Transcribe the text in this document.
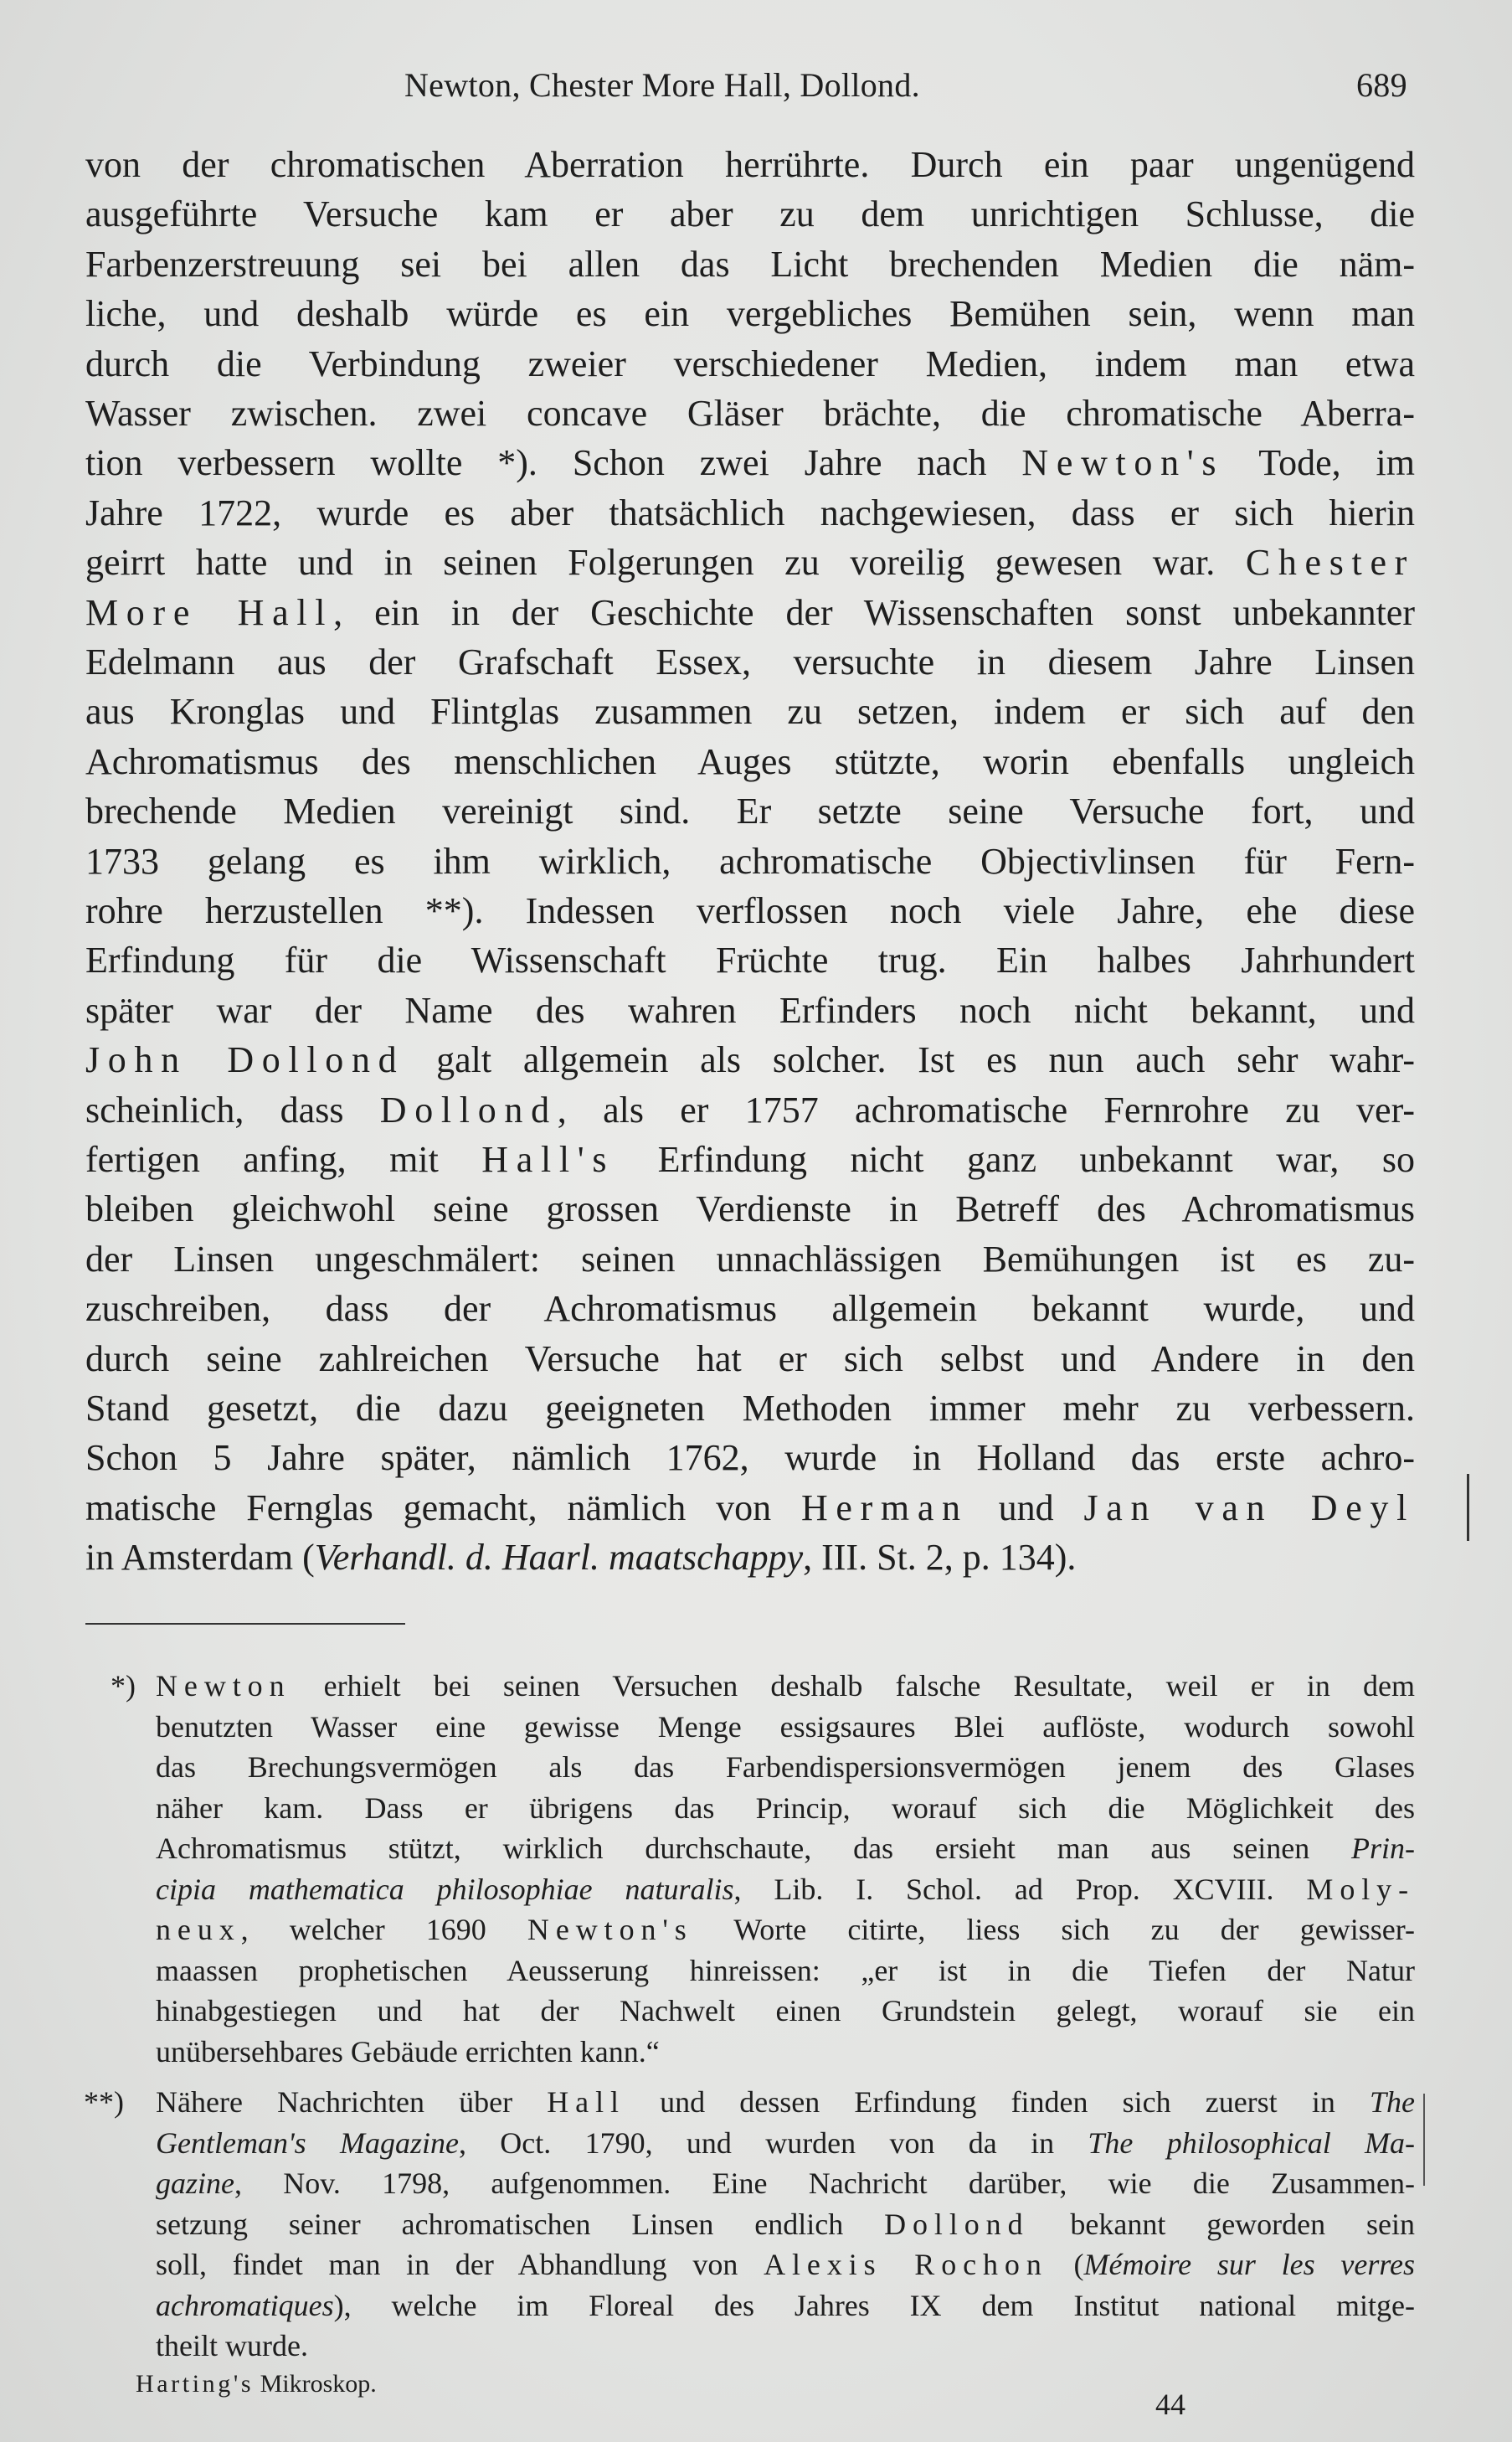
Newton, Chester More Hall, Dollond.	689
von der chromatischen Aberration herrührte. Durch ein paar ungenügend
ausgeführte Versuche kam er aber zu dem unrichtigen Schlusse, die
Farbenzerstreuung sei bei allen das Licht brechenden Medien die näm-
liche, und deshalb würde es ein vergebliches Bemühen sein, wenn man
durch die Verbindung zweier verschiedener Medien, indem man etwa
Wasser zwischen. zwei concave Gläser brächte, die chromatische Aberra-
tion verbessern wollte *). Schon zwei Jahre nach Newton's Tode, im
Jahre 1722, wurde es aber thatsächlich nachgewiesen, dass er sich hierin
geirrt hatte und in seinen Folgerungen zu voreilig gewesen war. Chester
More Hall, ein in der Geschichte der Wissenschaften sonst unbekannter
Edelmann aus der Grafschaft Essex, versuchte in diesem Jahre Linsen
aus Kronglas und Flintglas zusammen zu setzen, indem er sich auf den
Achromatismus des menschlichen Auges stützte, worin ebenfalls ungleich
brechende Medien vereinigt sind. Er setzte seine Versuche fort, und
1733 gelang es ihm wirklich, achromatische Objectivlinsen für Fern-
rohre herzustellen **). Indessen verflossen noch viele Jahre, ehe diese
Erfindung für die Wissenschaft Früchte trug. Ein halbes Jahrhundert
später war der Name des wahren Erfinders noch nicht bekannt, und
John Dollond galt allgemein als solcher. Ist es nun auch sehr wahr-
scheinlich, dass Dollond, als er 1757 achromatische Fernrohre zu ver-
fertigen anfing, mit Hall's Erfindung nicht ganz unbekannt war, so
bleiben gleichwohl seine grossen Verdienste in Betreff des Achromatismus
der Linsen ungeschmälert: seinen unnachlässigen Bemühungen ist es zu-
zuschreiben, dass der Achromatismus allgemein bekannt wurde, und
durch seine zahlreichen Versuche hat er sich selbst und Andere in den
Stand gesetzt, die dazu geeigneten Methoden immer mehr zu verbessern.
Schon 5 Jahre später, nämlich 1762, wurde in Holland das erste achro-
matische Fernglas gemacht, nämlich von Herman und Jan van Deyl
in Amsterdam (Verhandl. d. Haarl. maatschappy, III. St. 2, p. 134).
*) Newton erhielt bei seinen Versuchen deshalb falsche Resultate, weil er in dem
benutzten Wasser eine gewisse Menge essigsaures Blei auflöste, wodurch sowohl
das Brechungsvermögen als das Farbendispersionsvermögen jenem des Glases
näher kam. Dass er übrigens das Princip, worauf sich die Möglichkeit des
Achromatismus stützt, wirklich durchschaute, das ersieht man aus seinen Prin-
cipia mathematica philosophiae naturalis, Lib. I. Schol. ad Prop. XCVIII. Moly-
neux, welcher 1690 Newton's Worte citirte, liess sich zu der gewisser-
maassen prophetischen Aeusserung hinreissen: „er ist in die Tiefen der Natur
hinabgestiegen und hat der Nachwelt einen Grundstein gelegt, worauf sie ein
unübersehbares Gebäude errichten kann.“
**) Nähere Nachrichten über Hall und dessen Erfindung finden sich zuerst in The
Gentleman's Magazine, Oct. 1790, und wurden von da in The philosophical Ma-
gazine, Nov. 1798, aufgenommen. Eine Nachricht darüber, wie die Zusammen-
setzung seiner achromatischen Linsen endlich Dollond bekannt geworden sein
soll, findet man in der Abhandlung von Alexis Rochon (Mémoire sur les verres
achromatiques), welche im Floreal des Jahres IX dem Institut national mitge-
theilt wurde.
Harting's Mikroskop.
44
